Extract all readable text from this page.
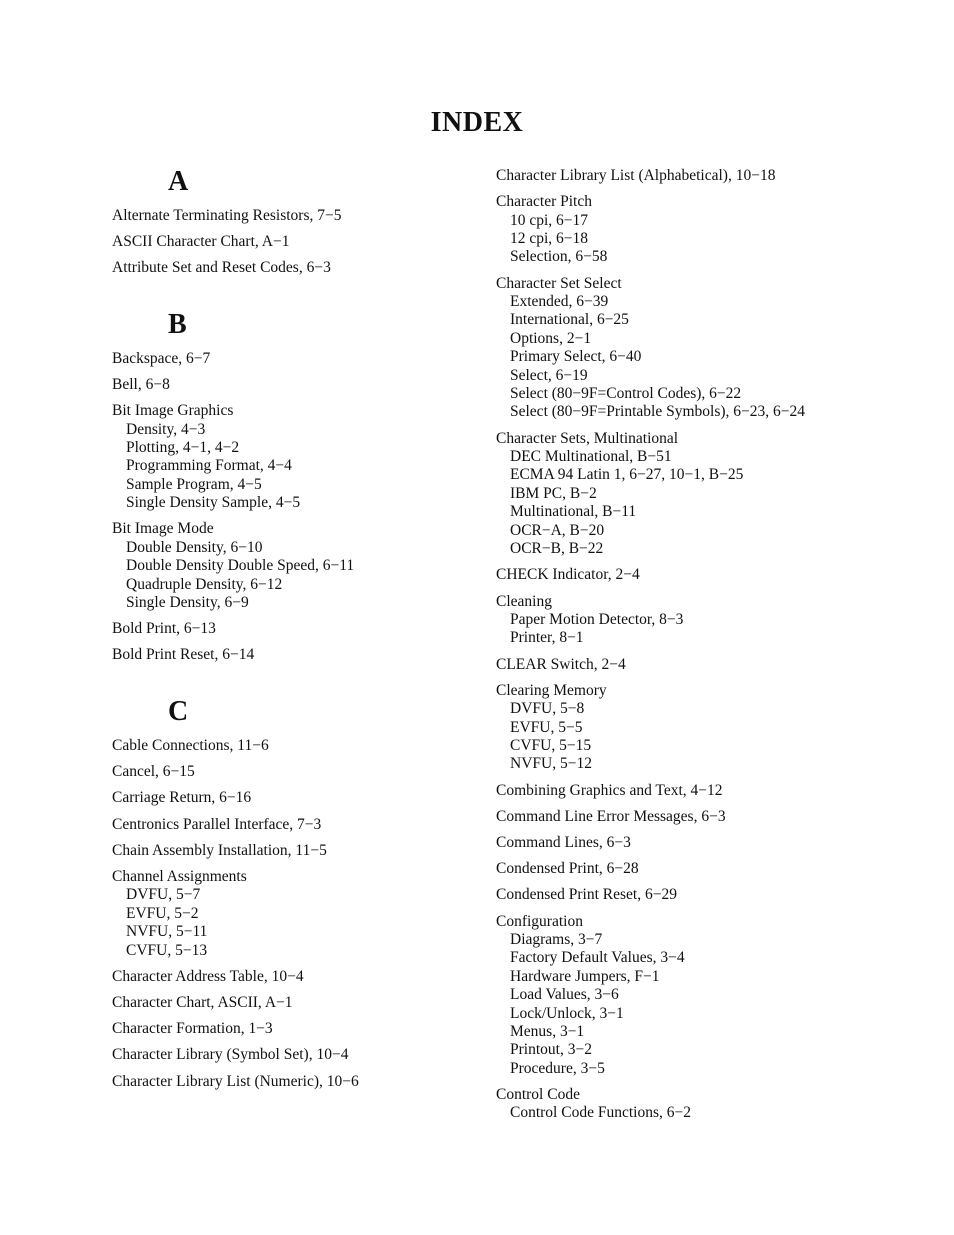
INDEX
A
Alternate Terminating Resistors, 7−5
ASCII Character Chart, A−1
Attribute Set and Reset Codes, 6−3
B
Backspace, 6−7
Bell, 6−8
Bit Image Graphics
Density, 4−3
Plotting, 4−1, 4−2
Programming Format, 4−4
Sample Program, 4−5
Single Density Sample, 4−5
Bit Image Mode
Double Density, 6−10
Double Density Double Speed, 6−11
Quadruple Density, 6−12
Single Density, 6−9
Bold Print, 6−13
Bold Print Reset, 6−14
C
Cable Connections, 11−6
Cancel, 6−15
Carriage Return, 6−16
Centronics Parallel Interface, 7−3
Chain Assembly Installation, 11−5
Channel Assignments
DVFU, 5−7
EVFU, 5−2
NVFU, 5−11
CVFU, 5−13
Character Address Table, 10−4
Character Chart, ASCII, A−1
Character Formation, 1−3
Character Library (Symbol Set), 10−4
Character Library List (Numeric), 10−6
Character Library List (Alphabetical), 10−18
Character Pitch
10 cpi, 6−17
12 cpi, 6−18
Selection, 6−58
Character Set Select
Extended, 6−39
International, 6−25
Options, 2−1
Primary Select, 6−40
Select, 6−19
Select (80−9F=Control Codes), 6−22
Select (80−9F=Printable Symbols), 6−23, 6−24
Character Sets, Multinational
DEC Multinational, B−51
ECMA 94 Latin 1, 6−27, 10−1, B−25
IBM PC, B−2
Multinational, B−11
OCR−A, B−20
OCR−B, B−22
CHECK Indicator, 2−4
Cleaning
Paper Motion Detector, 8−3
Printer, 8−1
CLEAR Switch, 2−4
Clearing Memory
DVFU, 5−8
EVFU, 5−5
CVFU, 5−15
NVFU, 5−12
Combining Graphics and Text, 4−12
Command Line Error Messages, 6−3
Command Lines, 6−3
Condensed Print, 6−28
Condensed Print Reset, 6−29
Configuration
Diagrams, 3−7
Factory Default Values, 3−4
Hardware Jumpers, F−1
Load Values, 3−6
Lock/Unlock, 3−1
Menus, 3−1
Printout, 3−2
Procedure, 3−5
Control Code
Control Code Functions, 6−2
